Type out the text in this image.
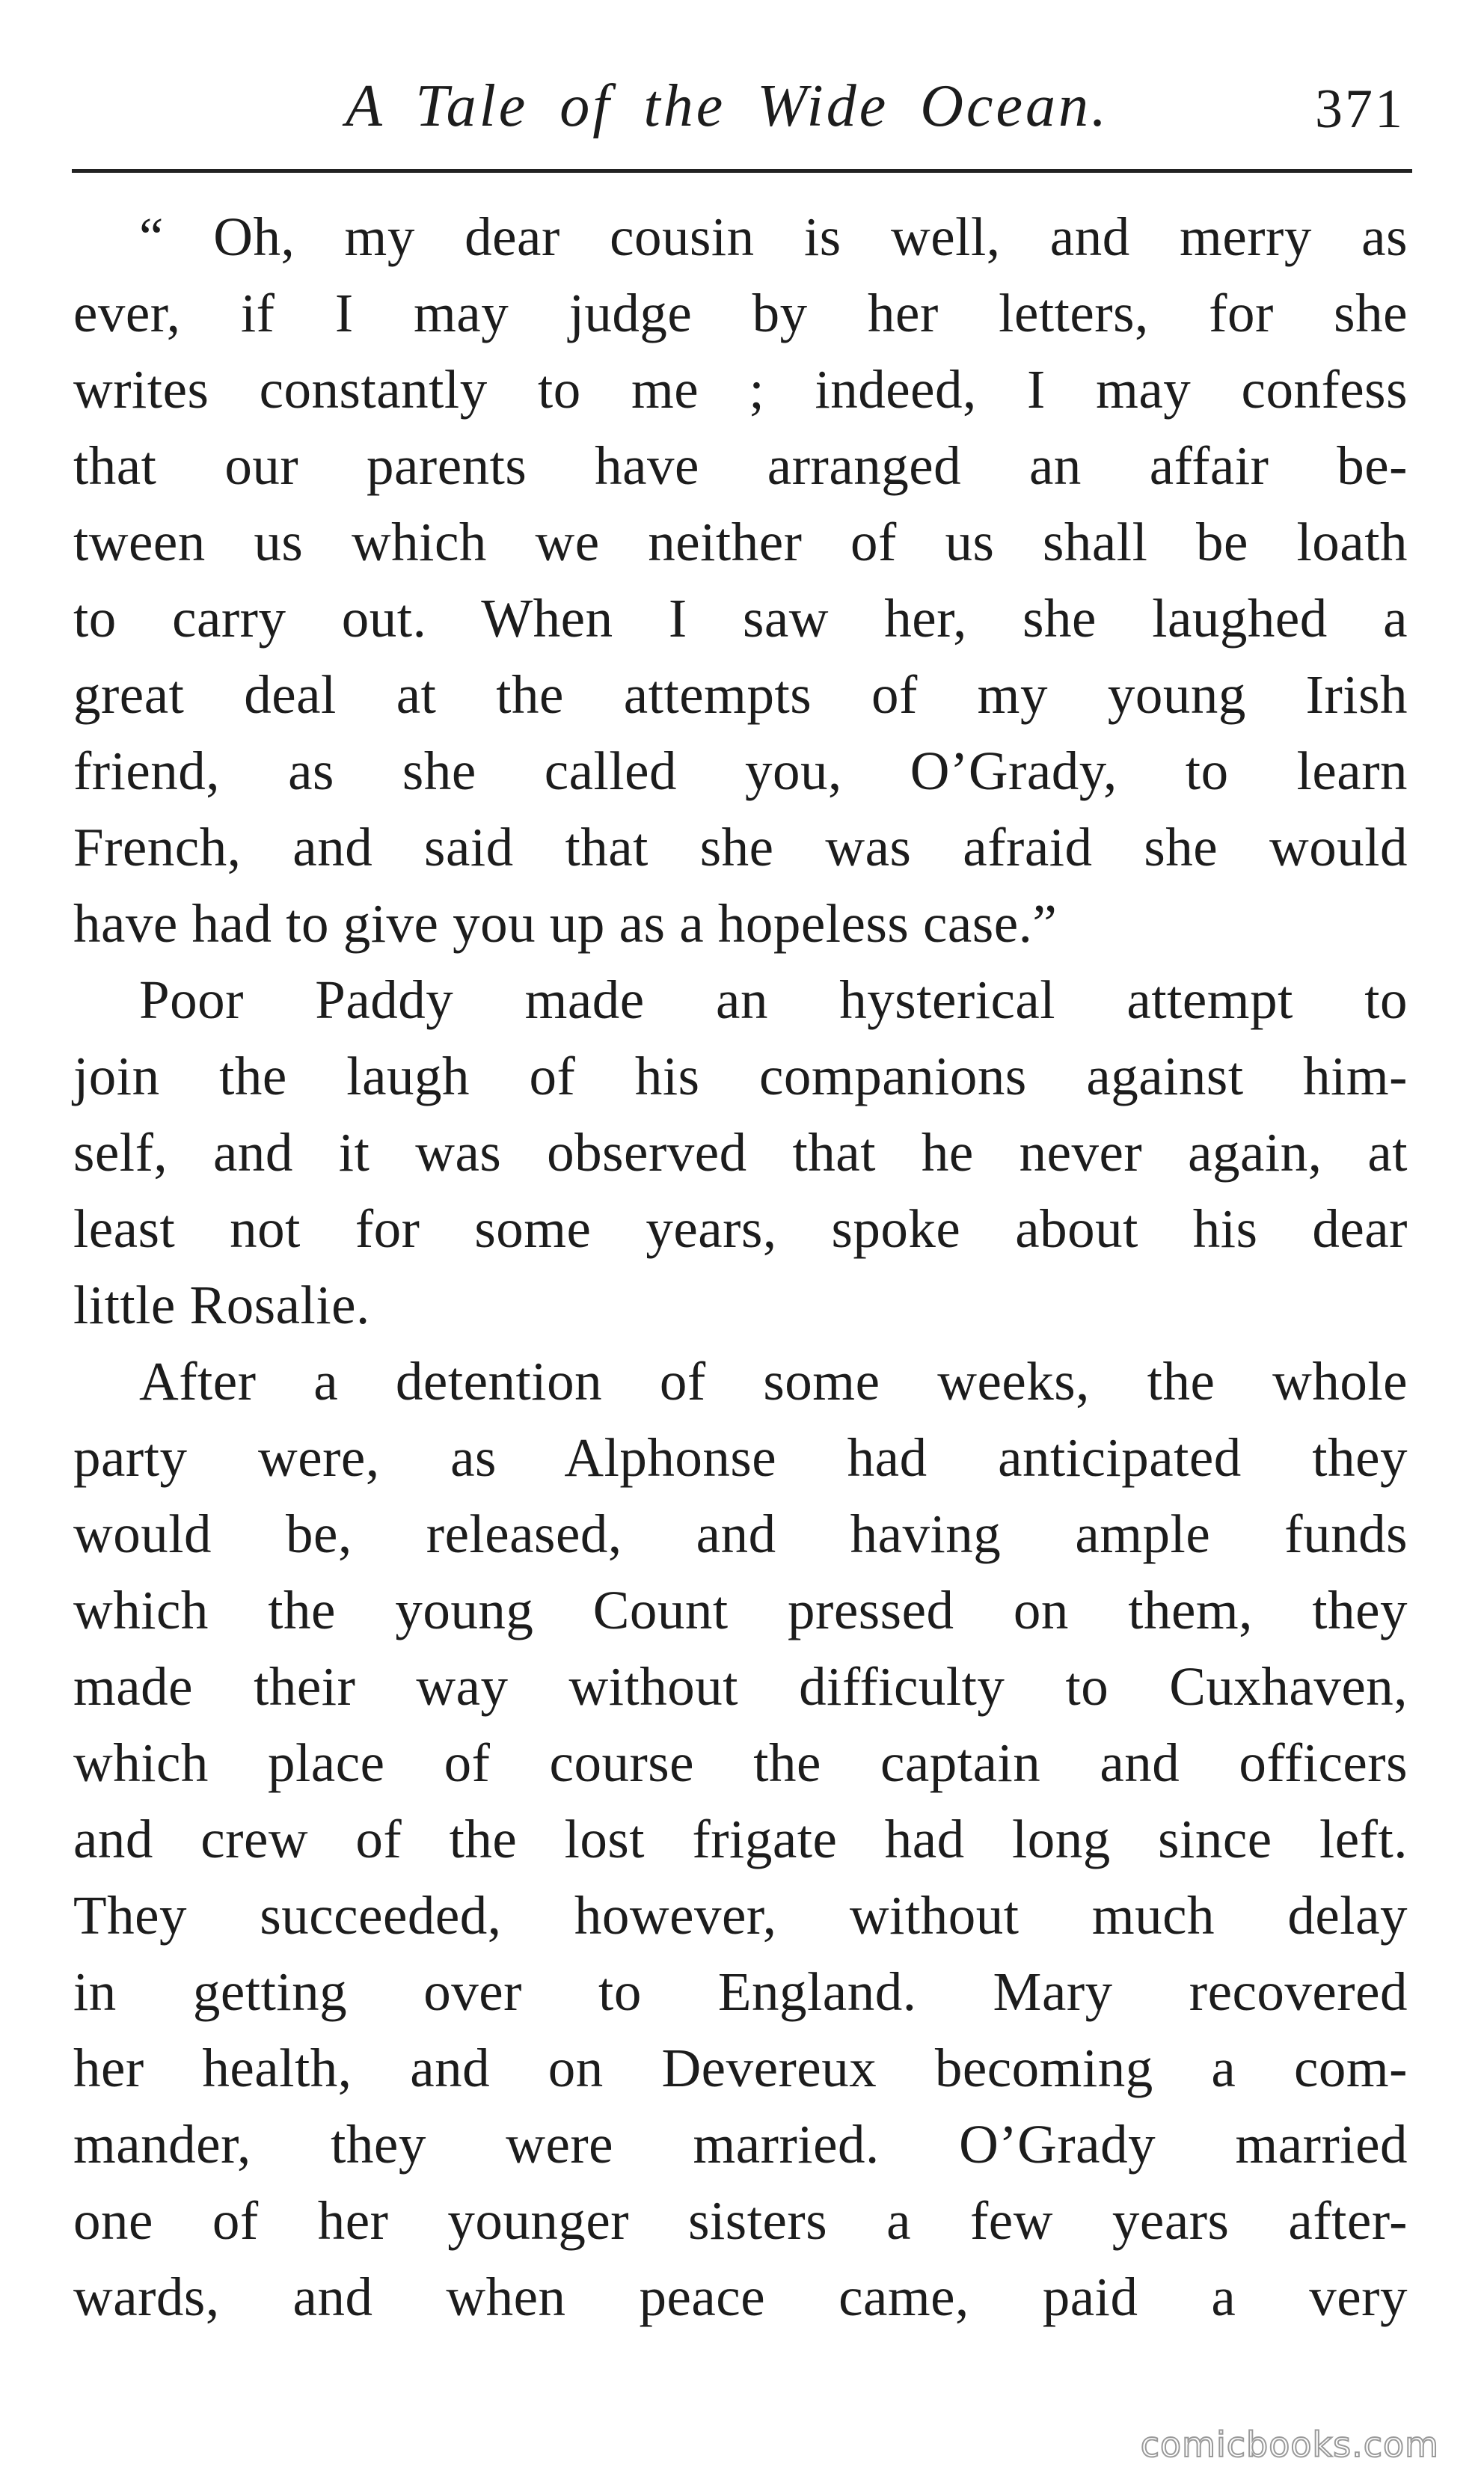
A Tale of the Wide Ocean.	371
“ Oh, my dear cousin is well, and merry as
ever, if I may judge by her letters, for she
writes constantly to me ; indeed, I may confess
that our parents have arranged an affair be-
tween us which we neither of us shall be loath
to carry out. When I saw her, she laughed a
great deal at the attempts of my young Irish
friend, as she called you, O’Grady, to learn
French, and said that she was afraid she would
have had to give you up as a hopeless case.”
Poor Paddy made an hysterical attempt to
join the laugh of his companions against him-
self, and it was observed that he never again, at
least not for some years, spoke about his dear
little Rosalie.
After a detention of some weeks, the whole
party were, as Alphonse had anticipated they
would be, released, and having ample funds
which the young Count pressed on them, they
made their way without difficulty to Cuxhaven,
which place of course the captain and officers
and crew of the lost frigate had long since left.
They succeeded, however, without much delay
in getting over to England. Mary recovered
her health, and on Devereux becoming a com-
mander, they were married. O’Grady married
one of her younger sisters a few years after-
wards, and when peace came, paid a very
comicbooks.com
